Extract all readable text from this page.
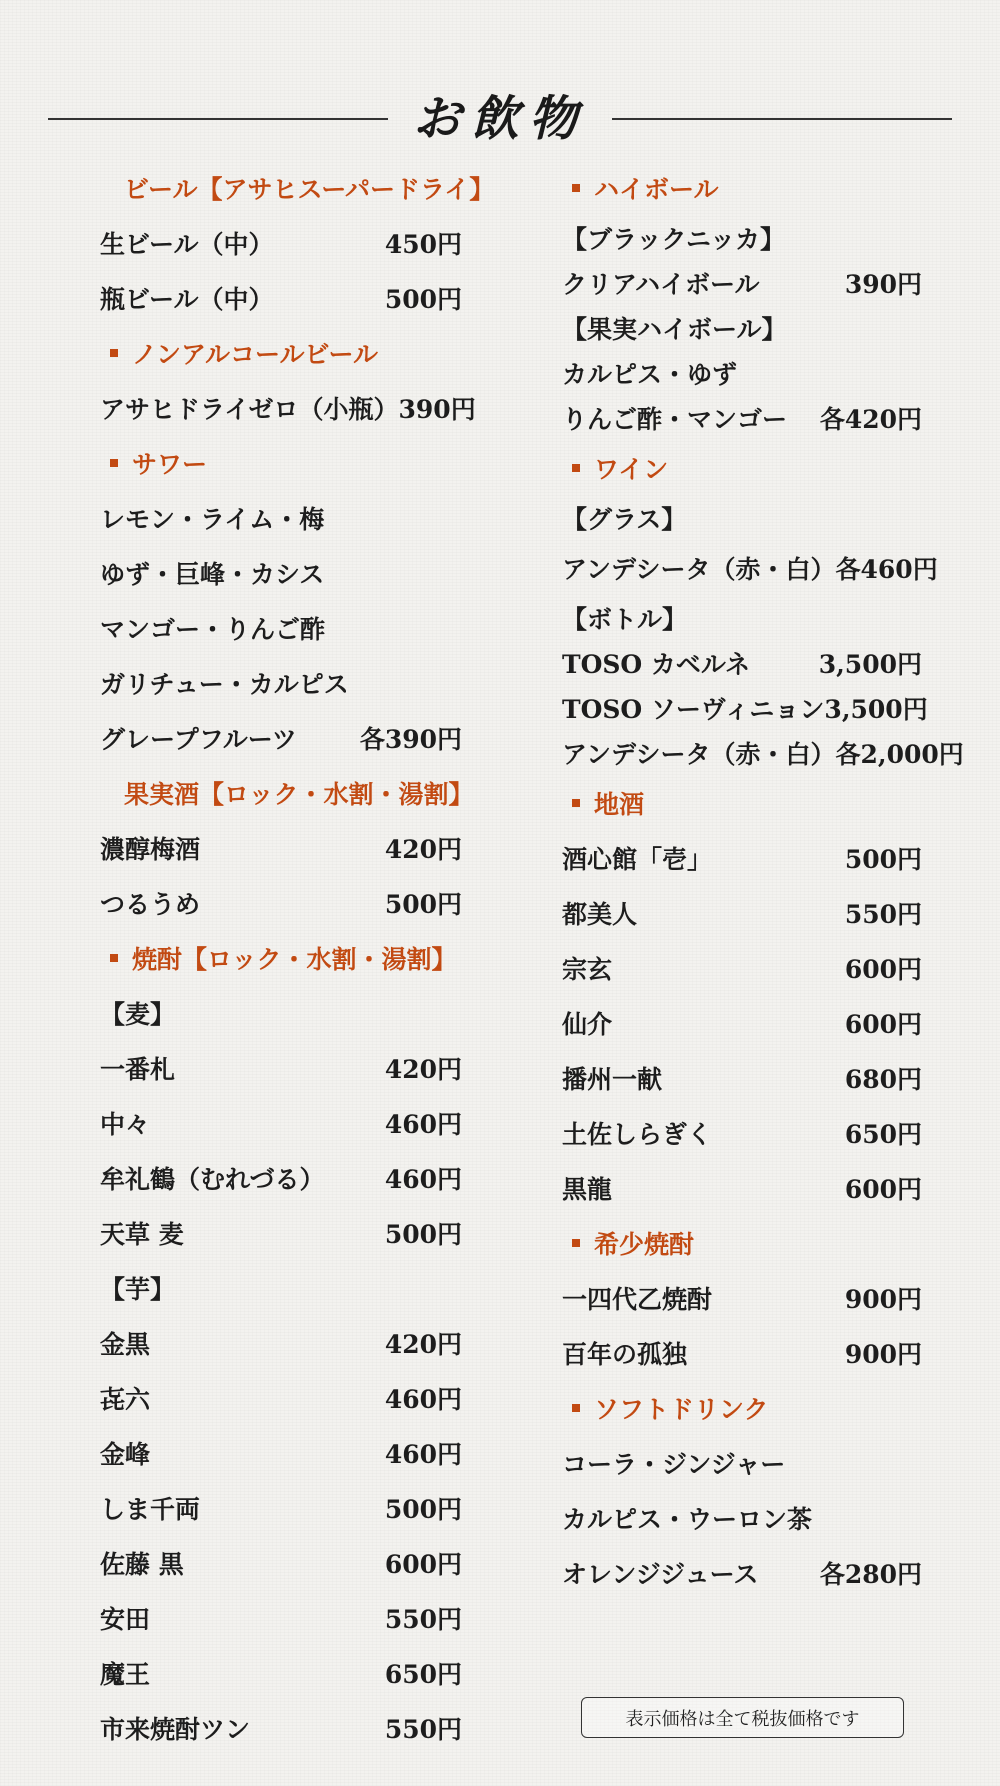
お飲物
ビール【アサヒスーパードライ】
生ビール（中）	450円
瓶ビール（中）	500円
ノンアルコールビール
アサヒドライゼロ（小瓶） 390円
サワー
レモン・ライム・梅
ゆず・巨峰・カシス
マンゴー・りんご酢
ガリチュー・カルピス
グレープフルーツ	各390円
果実酒【ロック・水割・湯割】
濃醇梅酒	420円
つるうめ	500円
焼酎【ロック・水割・湯割】
【麦】
一番札	420円
中々	460円
牟礼鶴（むれづる）	460円
天草 麦	500円
【芋】
金黒	420円
㐂六	460円
金峰	460円
しま千両	500円
佐藤 黒	600円
安田	550円
魔王	650円
市来焼酎ツン	550円
ハイボール
【ブラックニッカ】
クリアハイボール	390円
【果実ハイボール】
カルピス・ゆず
りんご酢・マンゴー	各420円
ワイン
【グラス】
アンデシータ（赤・白） 各460円
【ボトル】
TOSO カベルネ	3,500円
TOSO ソーヴィニョン 3,500円
アンデシータ（赤・白） 各2,000円
地酒
酒心館「壱」	500円
都美人	550円
宗玄	600円
仙介	600円
播州一献	680円
土佐しらぎく	650円
黒龍	600円
希少焼酎
一四代乙焼酎	900円
百年の孤独	900円
ソフトドリンク
コーラ・ジンジャー
カルピス・ウーロン茶
オレンジジュース	各280円
表示価格は全て税抜価格です
